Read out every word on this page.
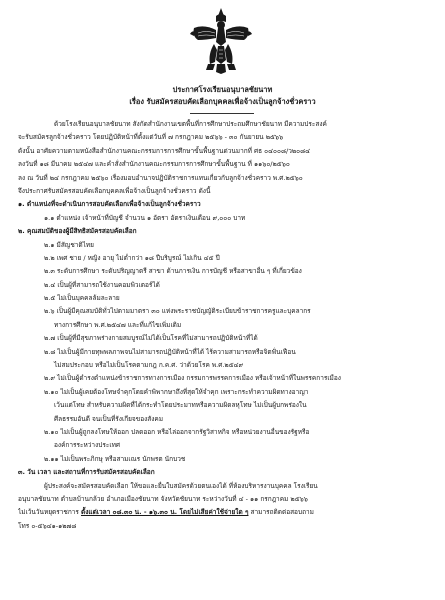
ประกาศโรงเรียนอนุบาลชัยนาท
เรื่อง รับสมัครสอบคัดเลือกบุคคลเพื่อจ้างเป็นลูกจ้างชั่วคราว
ด้วยโรงเรียนอนุบาลชัยนาท สังกัดสำนักงานเขตพื้นที่การศึกษาประถมศึกษาชัยนาท มีความประสงค์
จะรับสมัครลูกจ้างชั่วคราว โดยปฏิบัติหน้าที่ตั้งแต่วันที่ ๗ กรกฎาคม ๒๕๖๖ - ๓๐ กันยายน ๒๕๖๖
ดังนั้น อาศัยความตามหนังสือสำนักงานคณะกรรมการการศึกษาขั้นพื้นฐานด่วนมากที่ ศธ ๐๔๐๐๘/ว๒๐๘๔
ลงวันที่ ๑๘ มีนาคม ๒๕๔๗ และคำสั่งสำนักงานคณะกรรมการการศึกษาขั้นพื้นฐาน ที่ ๑๑๖๐/๒๕๖๐
ลง ณ วันที่ ๒๔ กรกฎาคม ๒๕๖๐ เรื่องมอบอำนาจปฏิบัติราชการแทนเกี่ยวกับลูกจ้างชั่วคราว พ.ศ.๒๕๖๐
จึงประกาศรับสมัครสอบคัดเลือกบุคคลเพื่อจ้างเป็นลูกจ้างชั่วคราว ดังนี้
๑. ตำแหน่งที่จะดำเนินการสอบคัดเลือกเพื่อจ้างเป็นลูกจ้างชั่วคราว
๑.๑ ตำแหน่ง เจ้าหน้าที่บัญชี จำนวน ๑ อัตรา อัตราเงินเดือน ๙,๐๐๐ บาท
๒. คุณสมบัติของผู้มีสิทธิสมัครสอบคัดเลือก
๒.๑ มีสัญชาติไทย
๒.๒ เพศ ชาย / หญิง อายุ ไม่ต่ำกว่า ๑๘ ปีบริบูรณ์ ไม่เกิน ๔๕ ปี
๒.๓ ระดับการศึกษา ระดับปริญญาตรี สาขา ด้านการเงิน การบัญชี หรือสาขาอื่น ๆ ที่เกี่ยวข้อง
๒.๔ เป็นผู้ที่สามารถใช้งานคอมพิวเตอร์ได้
๒.๕ ไม่เป็นบุคคลล้มละลาย
๒.๖ เป็นผู้มีคุณสมบัติทั่วไปตามมาตรา ๓๐ แห่งพระราชบัญญัติระเบียบข้าราชการครูและบุคลากร
ทางการศึกษา พ.ศ.๒๕๔๗ และที่แก้ไขเพิ่มเติม
๒.๗ เป็นผู้ที่มีสุขภาพร่างกายสมบูรณ์ไม่ได้เป็นโรคที่ไม่สามารถปฏิบัติหน้าที่ได้
๒.๘ ไม่เป็นผู้มีกายทุพพลภาพจนไม่สามารถปฏิบัติหน้าที่ได้ ไร้ความสามารถหรือจิตฟั่นเฟือน
ไม่สมประกอบ หรือไม่เป็นโรคตามกฎ ก.ค.ศ. ว่าด้วยโรค พ.ศ.๒๕๔๙
๒.๙ ไม่เป็นผู้ดำรงตำแหน่งข้าราชการทางการเมือง กรรมการพรรคการเมือง หรือเจ้าหน้าที่ในพรรคการเมือง
๒.๑๐ ไม่เป็นผู้เคยต้องโทษจำคุกโดยคำพิพากษาถึงที่สุดให้จำคุก เพราะกระทำความผิดทางอาญา
เว้นแต่โทษ สำหรับความผิดที่ได้กระทำโดยประมาทหรือความผิดลหุโทษ ไม่เป็นผู้บกพร่องใน
ศีลธรรมอันดี จนเป็นที่รังเกียจของสังคม
๒.๑๐ ไม่เป็นผู้ถูกลงโทษให้ออก ปลดออก หรือไล่ออกจากรัฐวิสาหกิจ หรือหน่วยงานอื่นของรัฐหรือ
องค์การระหว่างประเทศ
๒.๑๑ ไม่เป็นพระภิกษุ หรือสามเณร นักพรต นักบวช
๓. วัน เวลา และสถานที่การรับสมัครสอบคัดเลือก
ผู้ประสงค์จะสมัครสอบคัดเลือก ให้ขอและยื่นใบสมัครด้วยตนเองได้ ที่ห้องบริหารงานบุคคล โรงเรียน
อนุบาลชัยนาท ตำบลบ้านกล้วย อำเภอเมืองชัยนาท จังหวัดชัยนาท ระหว่างวันที่ ๔ - ๑๑ กรกฎาคม ๒๕๖๖
ไม่เว้นวันหยุดราชการ ตั้งแต่เวลา ๐๘.๓๐ น. - ๑๖.๓๐ น. โดยไม่เสียค่าใช้จ่ายใด ๆ สามารถติดต่อสอบถาม
โทร ๐-๕๖๔๑-๑๒๗๘
